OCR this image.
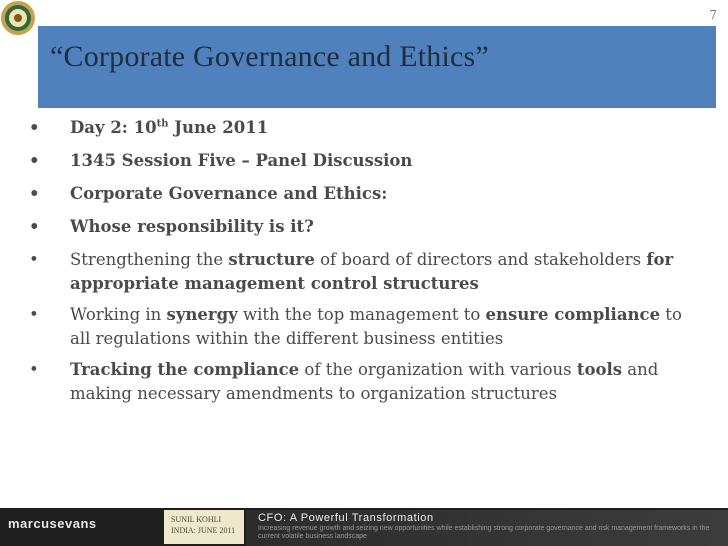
7
“Corporate Governance and Ethics”
• Day 2: 10th June 2011
• 1345 Session Five – Panel Discussion
• Corporate Governance and Ethics:
• Whose responsibility is it?
• Strengthening the structure of board of directors and stakeholders for appropriate management control structures
• Working in synergy with the top management to ensure compliance to all regulations within the different business entities
• Tracking the compliance of the organization with various tools and making necessary amendments to organization structures
marcusevans	SUNIL KOHLI
INDIA: JUNE 2011
CFO: A Powerful Transformation
Increasing revenue growth and seizing new opportunities while establishing strong corporate governance and risk management frameworks in the current volatile business landscape
